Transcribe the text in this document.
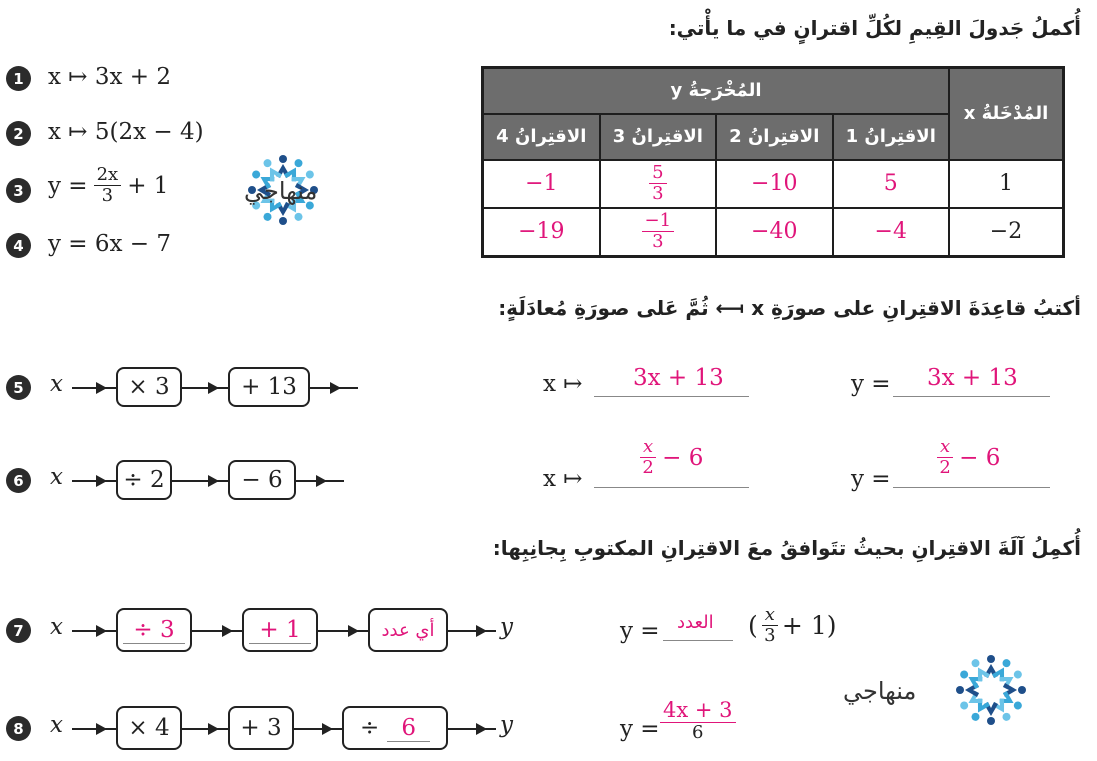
أُكملُ جَدولَ القِيمِ لكُلِّ اقترانٍ في ما يأْتي:
1	x ↦ 3x + 2
2	x ↦ 5(2x − 4)
3	$y = \frac{2x}{3} + 1$
4	y = 6x − 7
منهاجي
المُخْرَجةُ y				المُدْخَلةُ x
الاقتِرانُ 4	الاقتِرانُ 3	الاقتِرانُ 2	الاقتِرانُ 1	
−1	$\frac{5}{3}$	−10	5	1
−19	$\frac{-1}{3}$	−40	−4	−2
أكتبُ قاعِدَةَ الاقتِرانِ على صورَةِ x ⟻ ثُمَّ عَلى صورَةِ مُعادَلَةٍ:
5	x	× 3	+ 13	x ↦ 3x + 13	y = 3x + 13
6	x	÷ 2	− 6	x ↦
$\frac{x}{2} - 6$
y =
$\frac{x}{2} - 6$
أُكمِلُ آلَةَ الاقتِرانِ بحيثُ تتَوافقُ معَ الاقتِرانِ المكتوبِ بِجانِبِها:
7	x	÷ 3	+ 1	أي عدد	y	y = العدد ( $\frac{x}{3} + 1$)
8	x	× 4	+ 3	÷ 6	y	$y = \frac{4x + 3}{6}$
منهاجي
